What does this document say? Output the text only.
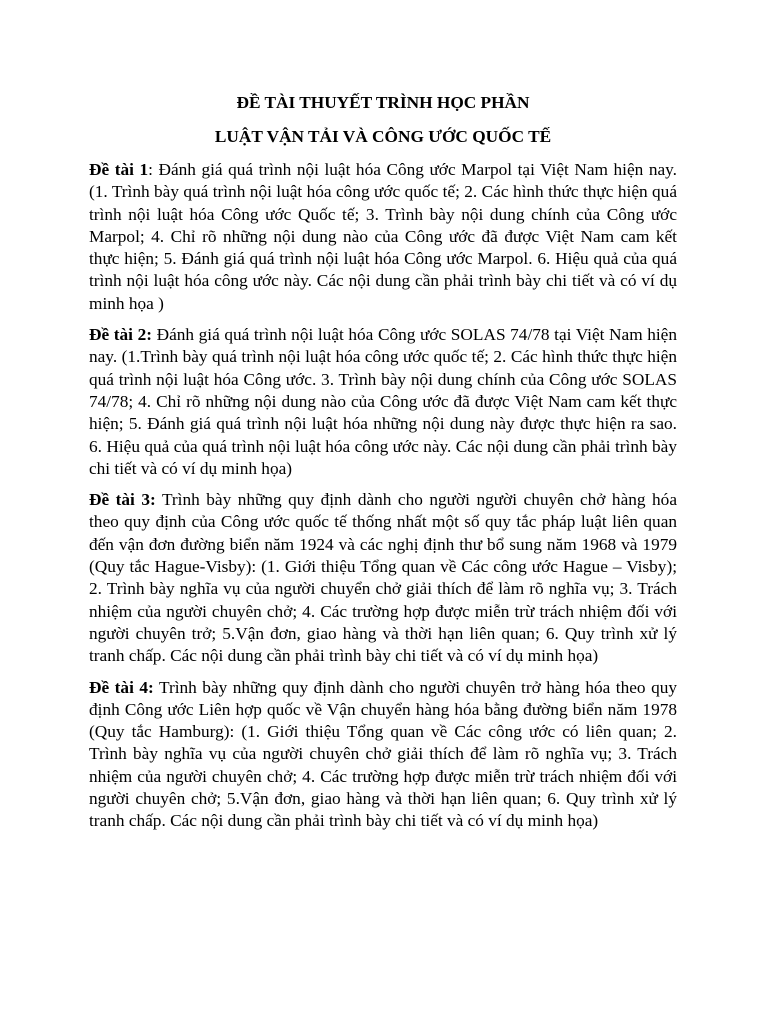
ĐỀ TÀI THUYẾT TRÌNH HỌC PHẦN

LUẬT VẬN TẢI VÀ CÔNG ƯỚC QUỐC TẾ

Đề tài 1: Đánh giá quá trình nội luật hóa Công ước Marpol tại Việt Nam hiện nay. (1. Trình bày quá trình nội luật hóa công ước quốc tế; 2. Các hình thức thực hiện quá trình nội luật hóa Công ước Quốc tế; 3. Trình bày nội dung chính của Công ước Marpol; 4. Chỉ rõ những nội dung nào của Công ước đã được Việt Nam cam kết thực hiện; 5. Đánh giá quá trình nội luật hóa Công ước Marpol. 6. Hiệu quả của quá trình nội luật hóa công ước này. Các nội dung cần phải trình bày chi tiết và có ví dụ minh họa )

Đề tài 2: Đánh giá quá trình nội luật hóa Công ước SOLAS 74/78 tại Việt Nam hiện nay. (1.Trình bày quá trình nội luật hóa công ước quốc tế; 2. Các hình thức thực hiện quá trình nội luật hóa Công ước. 3. Trình bày nội dung chính của Công ước SOLAS 74/78; 4. Chỉ rõ những nội dung nào của Công ước đã được Việt Nam cam kết thực hiện; 5. Đánh giá quá trình nội luật hóa những nội dung này được thực hiện ra sao. 6. Hiệu quả của quá trình nội luật hóa công ước này. Các nội dung cần phải trình bày chi tiết và có ví dụ minh họa)

Đề tài 3: Trình bày những quy định dành cho người người chuyên chở hàng hóa theo quy định của Công ước quốc tế thống nhất một số quy tắc pháp luật liên quan đến vận đơn đường biển năm 1924 và các nghị định thư bổ sung năm 1968 và 1979 (Quy tắc Hague-Visby): (1. Giới thiệu Tổng quan về Các công ước Hague – Visby); 2. Trình bày nghĩa vụ của người chuyển chở giải thích để làm rõ nghĩa vụ; 3. Trách nhiệm của người chuyên chở; 4. Các trường hợp được miễn trừ trách nhiệm đối với người chuyên trở; 5.Vận đơn, giao hàng và thời hạn liên quan; 6. Quy trình xử lý tranh chấp. Các nội dung cần phải trình bày chi tiết và có ví dụ minh họa)

Đề tài 4: Trình bày những quy định dành cho người chuyên trở hàng hóa theo quy định Công ước Liên hợp quốc về Vận chuyển hàng hóa bằng đường biển năm 1978 (Quy tắc Hamburg): (1. Giới thiệu Tổng quan về Các công ước có liên quan; 2. Trình bày nghĩa vụ của người chuyên chở giải thích để làm rõ nghĩa vụ; 3. Trách nhiệm của người chuyên chở; 4. Các trường hợp được miễn trừ trách nhiệm đối với người chuyên chở; 5.Vận đơn, giao hàng và thời hạn liên quan; 6. Quy trình xử lý tranh chấp. Các nội dung cần phải trình bày chi tiết và có ví dụ minh họa)
